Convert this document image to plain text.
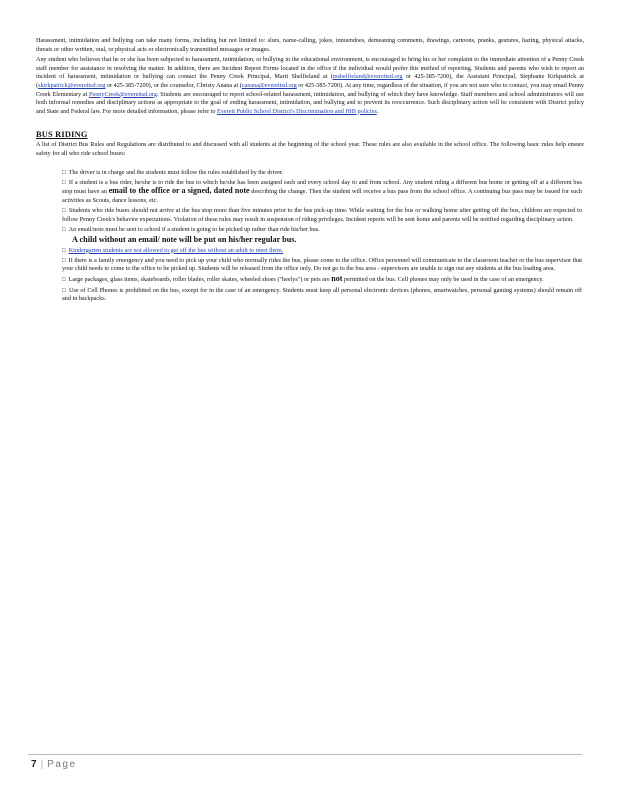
Harassment, intimidation and bullying can take many forms, including but not limited to: slurs, name-calling, jokes, innuendoes, demeaning comments, drawings, cartoons, pranks, gestures, hazing, physical attacks, threats or other written, oral, or physical acts or electronically transmitted messages or images.

Any student who believes that he or she has been subjected to harassment, intimidation, or bullying in the educational environment, is encouraged to bring his or her complaint to the immediate attention of a Penny Creek staff member for assistance in resolving the matter. In addition, there are Incident Report Forms located in the office if the individual would prefer this method of reporting. Students and parents who wish to report an incident of harassment, intimidation or bullying can contact the Penny Creek Principal, Marti Shelfieland at (mshelfieland@everettsd.org or 425-385-7200), the Assistant Principal, Stephanie Kirkpatrick at (skirkpatrick@everettsd.org or 425-385-7200), or the counselor, Christy Anana at (canana@everettsd.org or 425-385-7200). At any time, regardless of the situation, if you are not sure who to contact, you may email Penny Creek Elementary at PennyCreek@everettsd.org. Students are encouraged to report school-related harassment, intimidation, and bullying of which they have knowledge. Staff members and school administrators will use both informal remedies and disciplinary actions as appropriate to the goal of ending harassment, intimidation, and bullying and to prevent its reoccurrence. Such disciplinary action will be consistent with District policy and State and Federal law. For more detailed information, please refer to Everett Public School District's Discrimination and HIB policies.

BUS RIDING

A list of District Bus Rules and Regulations are distributed to and discussed with all students at the beginning of the school year. These rules are also available in the school office. The following basic rules help ensure safety for all who ride school buses:

□ The driver is in charge and the students must follow the rules established by the driver.

□ If a student is a bus rider, he/she is to ride the bus to which he/she has been assigned each and every school day to and from school. Any student riding a different bus home or getting off at a different bus stop must have an email to the office or a signed, dated note describing the change. Then the student will receive a bus pass from the school office. A continuing bus pass may be issued for such activities as Scouts, dance lessons, etc.

□ Students who ride buses should not arrive at the bus stop more than five minutes prior to the bus pick-up time. While waiting for the bus or walking home after getting off the bus, children are expected to follow Penny Creek's behavior expectations. Violation of these rules may result in suspension of riding privileges. Incident reports will be sent home and parents will be notified regarding disciplinary action.

□ An email/note must be sent to school if a student is going to be picked up rather than ride his/her bus.
A child without an email/ note will be put on his/her regular bus.

□ Kindergarten students are not allowed to get off the bus without an adult to meet them.

□ If there is a family emergency and you need to pick up your child who normally rides the bus, please come to the office. Office personnel will communicate to the classroom teacher or the bus supervisor that your child needs to come to the office to be picked up. Students will be released from the office only. Do not go to the bus area - supervisors are unable to sign out any students at the bus loading area.

□ Large packages, glass items, skateboards, roller blades, roller skates, wheeled shoes ("heelys") or pets are not permitted on the bus. Cell phones may only be used in the case of an emergency.

□ Use of Cell Phones is prohibited on the bus, except for in the case of an emergency. Students must keep all personal electronic devices (phones, smartwatches, personal gaming systems) should remain off and in backpacks.

7 | Page
